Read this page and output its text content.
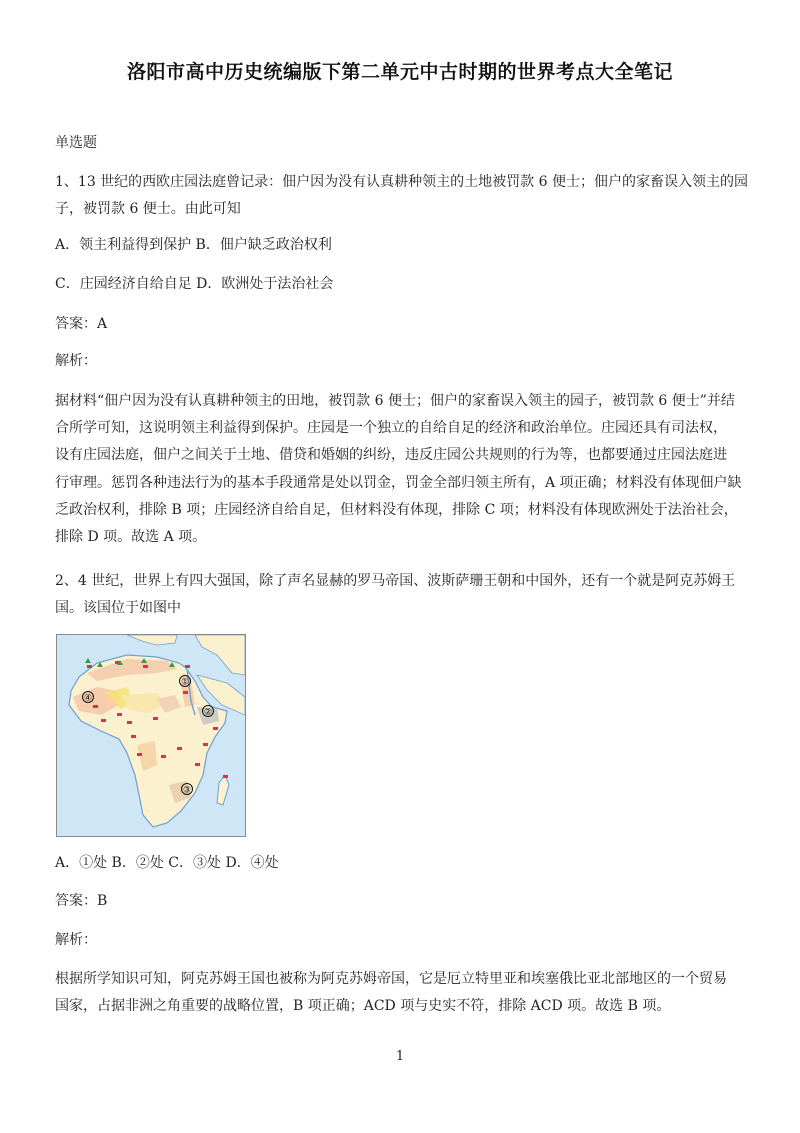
洛阳市高中历史统编版下第二单元中古时期的世界考点大全笔记
单选题
1、13 世纪的西欧庄园法庭曾记录：佃户因为没有认真耕种领主的土地被罚款 6 便士；佃户的家畜误入领主的园
子，被罚款 6 便士。由此可知
A．领主利益得到保护 B．佃户缺乏政治权利
C．庄园经济自给自足 D．欧洲处于法治社会
答案：A
解析：
据材料“佃户因为没有认真耕种领主的田地，被罚款 6 便士；佃户的家畜误入领主的园子，被罚款 6 便士”并结
合所学可知，这说明领主利益得到保护。庄园是一个独立的自给自足的经济和政治单位。庄园还具有司法权，
设有庄园法庭，佃户之间关于土地、借贷和婚姻的纠纷，违反庄园公共规则的行为等，也都要通过庄园法庭进
行审理。惩罚各种违法行为的基本手段通常是处以罚金，罚金全部归领主所有，A 项正确；材料没有体现佃户缺
乏政治权利，排除 B 项；庄园经济自给自足，但材料没有体现，排除 C 项；材料没有体现欧洲处于法治社会，
排除 D 项。故选 A 项。
2、4 世纪，世界上有四大强国，除了声名显赫的罗马帝国、波斯萨珊王朝和中国外，还有一个就是阿克苏姆王
国。该国位于如图中
①
②
③
④
A．①处 B．②处 C．③处 D．④处
答案：B
解析：
根据所学知识可知，阿克苏姆王国也被称为阿克苏姆帝国，它是厄立特里亚和埃塞俄比亚北部地区的一个贸易
国家，占据非洲之角重要的战略位置，B 项正确；ACD 项与史实不符，排除 ACD 项。故选 B 项。
1
